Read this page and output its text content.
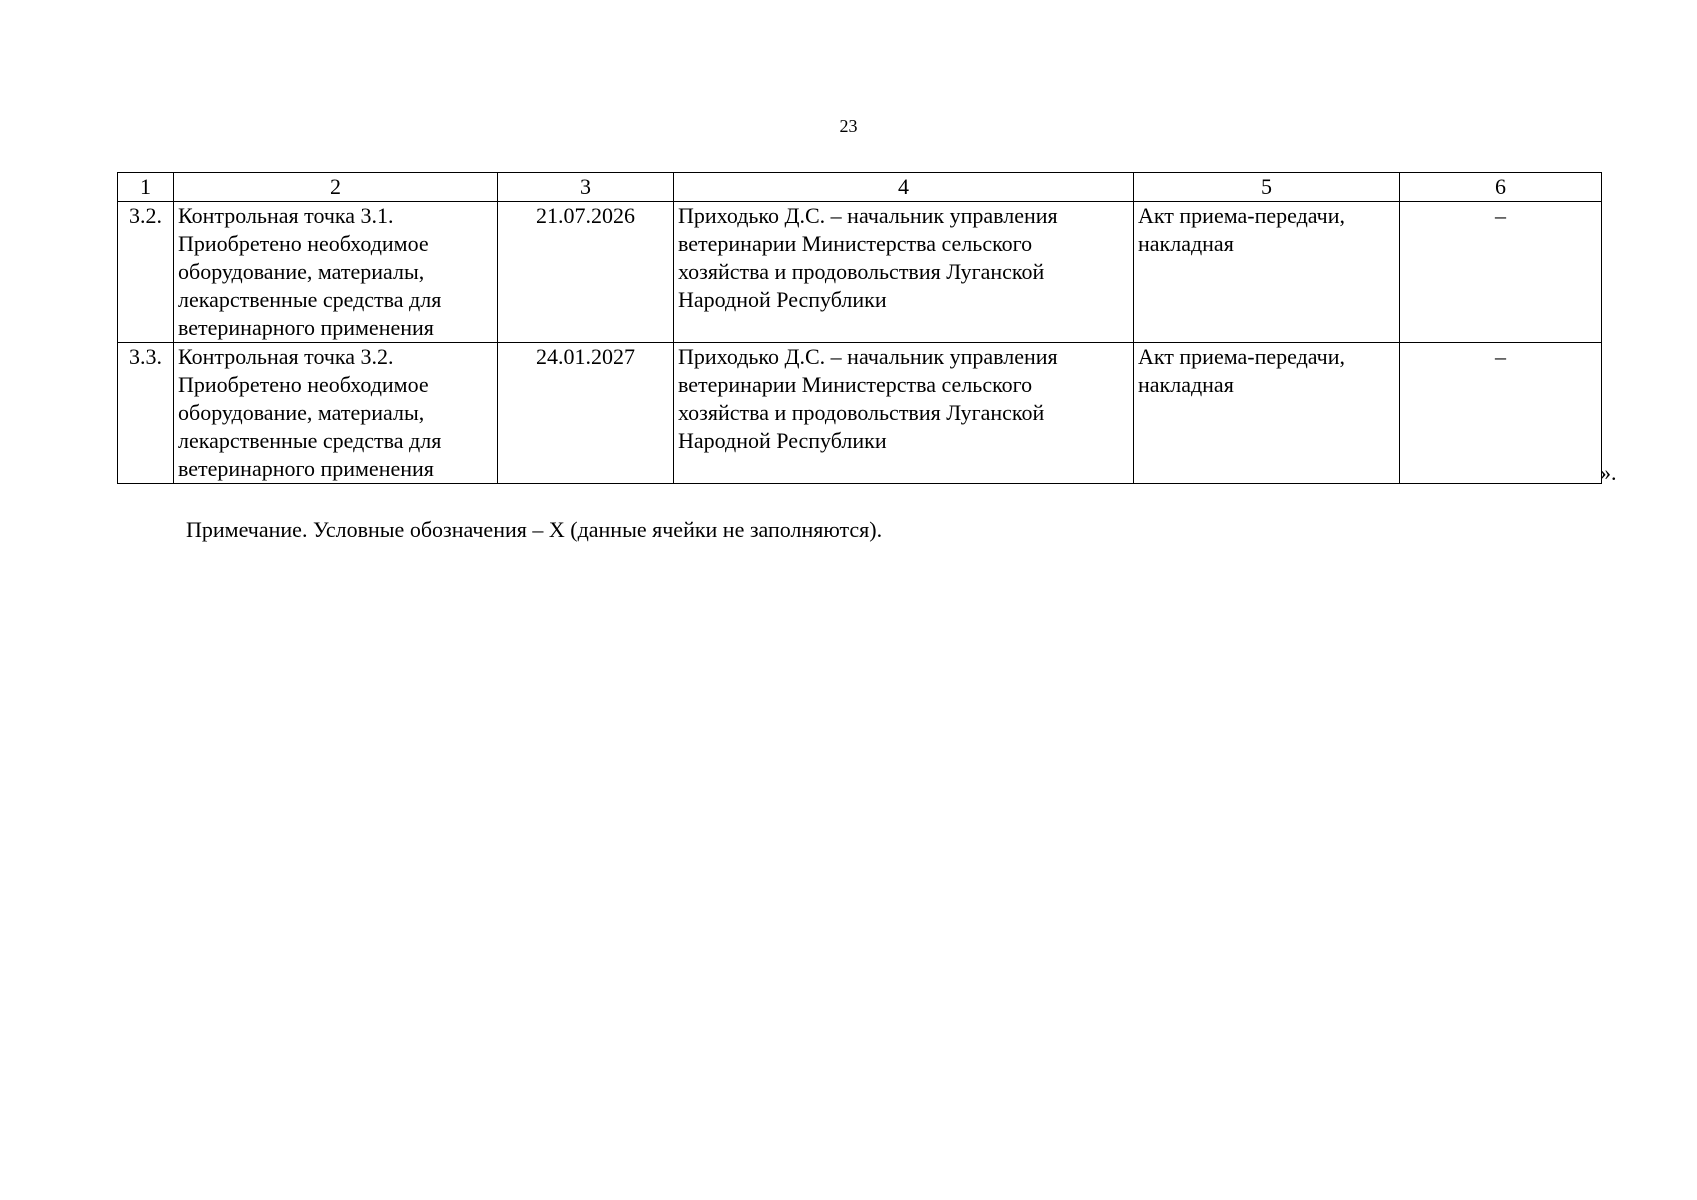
23
1	2	3	4	5	6
3.2.	Контрольная точка 3.1.
Приобретено необходимое
оборудование, материалы,
лекарственные средства для
ветеринарного применения	21.07.2026	Приходько Д.С. – начальник управления
ветеринарии Министерства сельского
хозяйства и продовольствия Луганской
Народной Республики	Акт приема-передачи,
накладная	–
3.3.	Контрольная точка 3.2.
Приобретено необходимое
оборудование, материалы,
лекарственные средства для
ветеринарного применения	24.01.2027	Приходько Д.С. – начальник управления
ветеринарии Министерства сельского
хозяйства и продовольствия Луганской
Народной Республики	Акт приема-передачи,
накладная	–
».
Примечание. Условные обозначения – Х (данные ячейки не заполняются).
